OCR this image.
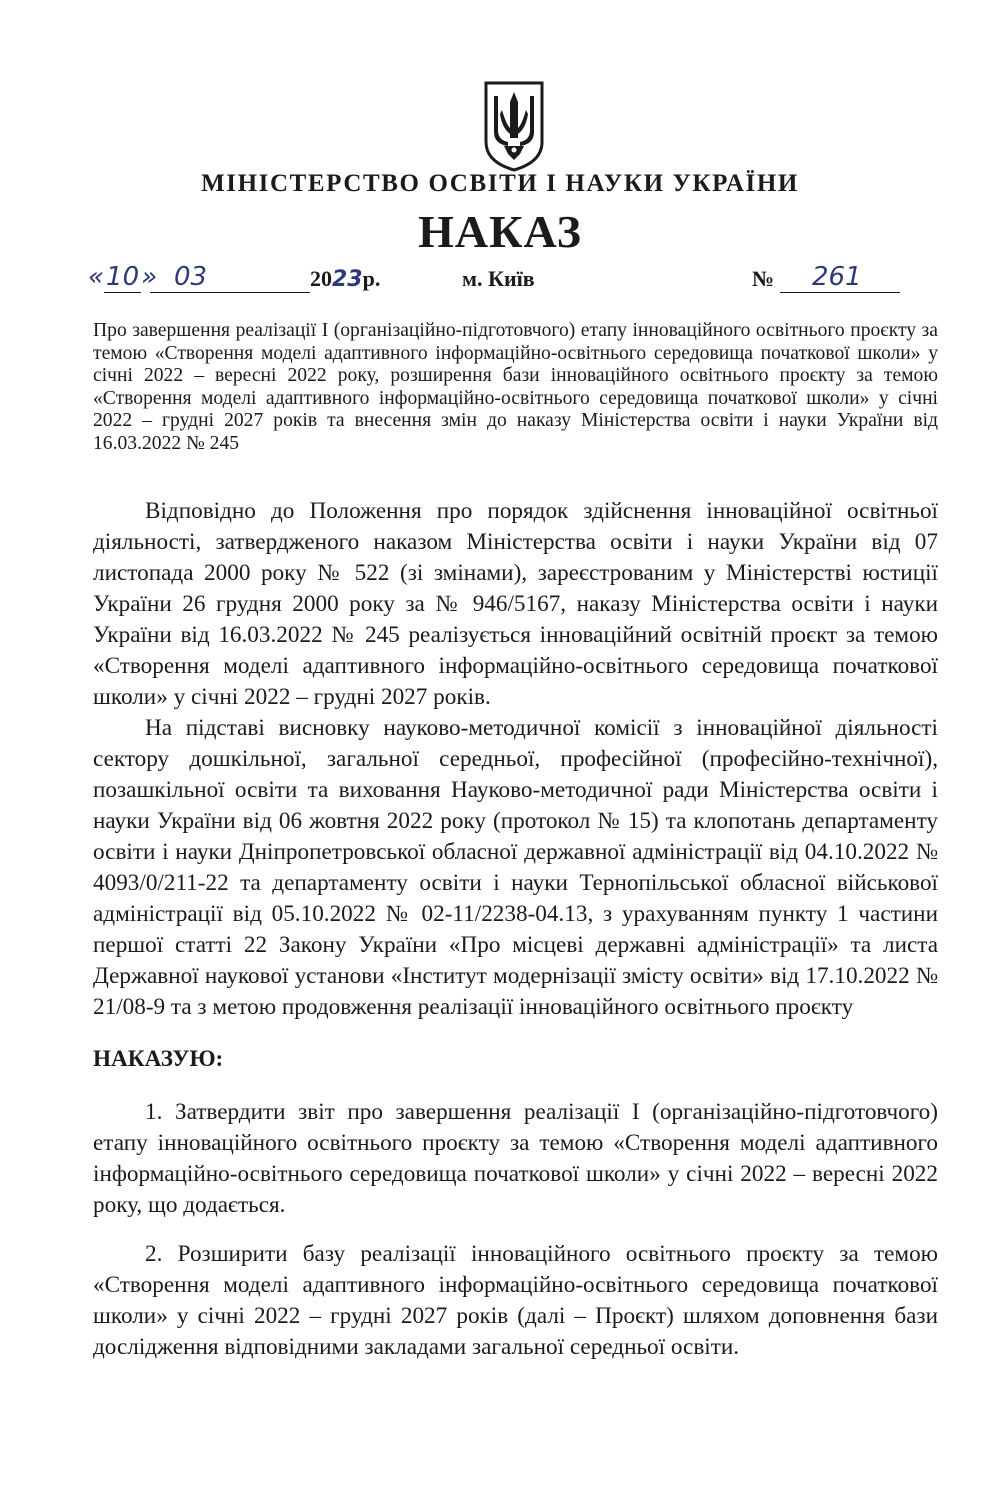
МІНІСТЕРСТВО ОСВІТИ І НАУКИ УКРАЇНИ
НАКАЗ
«10» 03	2023р.	м. Київ	№	261
Про завершення реалізації І (організаційно-підготовчого) етапу інноваційного освітнього проєкту за темою «Створення моделі адаптивного інформаційно-освітнього середовища початкової школи» у січні 2022 – вересні 2022 року, розширення бази інноваційного освітнього проєкту за темою «Створення моделі адаптивного інформаційно-освітнього середовища початкової школи» у січні 2022 – грудні 2027 років та внесення змін до наказу Міністерства освіти і науки України від 16.03.2022 № 245

Відповідно до Положення про порядок здійснення інноваційної освітньої діяльності, затвердженого наказом Міністерства освіти і науки України від 07 листопада 2000 року № 522 (зі змінами), зареєстрованим у Міністерстві юстиції України 26 грудня 2000 року за № 946/5167, наказу Міністерства освіти і науки України від 16.03.2022 № 245 реалізується інноваційний освітній проєкт за темою «Створення моделі адаптивного інформаційно-освітнього середовища початкової школи» у січні 2022 – грудні 2027 років.

На підставі висновку науково-методичної комісії з інноваційної діяльності сектору дошкільної, загальної середньої, професійної (професійно-технічної), позашкільної освіти та виховання Науково-методичної ради Міністерства освіти і науки України від 06 жовтня 2022 року (протокол № 15) та клопотань департаменту освіти і науки Дніпропетровської обласної державної адміністрації від 04.10.2022 № 4093/0/211-22 та департаменту освіти і науки Тернопільської обласної військової адміністрації від 05.10.2022 № 02-11/2238-04.13, з урахуванням пункту 1 частини першої статті 22 Закону України «Про місцеві державні адміністрації» та листа Державної наукової установи «Інститут модернізації змісту освіти» від 17.10.2022 № 21/08-9 та з метою продовження реалізації інноваційного освітнього проєкту

НАКАЗУЮ:
1. Затвердити звіт про завершення реалізації І (організаційно-підготовчого) етапу інноваційного освітнього проєкту за темою «Створення моделі адаптивного інформаційно-освітнього середовища початкової школи» у січні 2022 – вересні 2022 року, що додається.
2. Розширити базу реалізації інноваційного освітнього проєкту за темою «Створення моделі адаптивного інформаційно-освітнього середовища початкової школи» у січні 2022 – грудні 2027 років (далі – Проєкт) шляхом доповнення бази дослідження відповідними закладами загальної середньої освіти.
